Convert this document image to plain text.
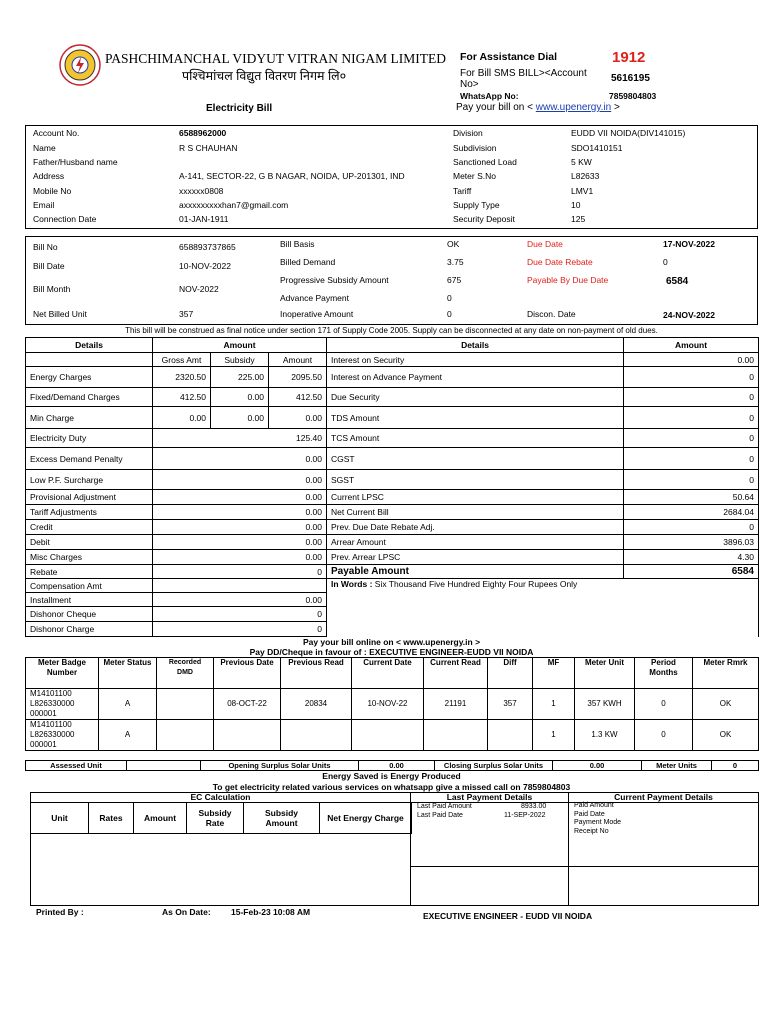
PASHCHIMANCHAL VIDYUT VITRAN NIGAM LIMITED
पश्चिमांचल विद्युत वितरण निगम लि०
Electricity Bill
For Assistance Dial	1912
For Bill SMS BILL><Account No>
5616195
WhatsApp No:	7859804803
Pay your bill on < www.upenergy.in >
Account No.	6588962000
Name	R S CHAUHAN
Father/Husband name
Address	A-141, SECTOR-22, G B NAGAR, NOIDA, UP-201301, IND
Mobile No	xxxxxx0808
Email	axxxxxxxxxhan7@gmail.com
Connection Date	01-JAN-1911
Division	EUDD VII NOIDA(DIV141015)
Subdivision	SDO1410151
Sanctioned Load	5 KW
Meter S.No	L82633
Tariff	LMV1
Supply Type	10
Security Deposit	125
Bill No	658893737865
Bill Date	10-NOV-2022
Bill Month	NOV-2022
Net Billed Unit	357
Bill Basis	OK
Billed Demand	3.75
Progressive Subsidy Amount	675
Advance Payment	0
Inoperative Amount	0
Due Date	17-NOV-2022
Due Date Rebate	0
Payable By Due Date	6584
Discon. Date	24-NOV-2022
This bill will be construed as final notice under section 171 of Supply Code 2005. Supply can be disconnected at any date on non-payment of old dues.
Details	Amount			Details	Amount
	Gross Amt	Subsidy	Amount	Interest on Security	0.00
Energy Charges	2320.50	225.00	2095.50	Interest on Advance Payment	0
Fixed/Demand Charges	412.50	0.00	412.50	Due Security	0
Min Charge	0.00	0.00	0.00	TDS Amount	0
Electricity Duty	125.40			TCS Amount	0
Excess Demand Penalty	0.00			CGST	0
Low P.F. Surcharge	0.00			SGST	0
Provisional Adjustment	0.00			Current LPSC	50.64
Tariff Adjustments	0.00			Net Current Bill	2684.04
Credit	0.00			Prev. Due Date Rebate Adj.	0
Debit	0.00			Arrear Amount	3896.03
Misc Charges	0.00			Prev. Arrear LPSC	4.30
Rebate	0			Payable Amount	6584
Compensation Amt				In Words : Six Thousand Five Hundred Eighty Four Rupees Only	
Installment	0.00				
Dishonor Cheque	0				
Dishonor Charge	0				
Pay your bill online on < www.upenergy.in >
Pay DD/Cheque in favour of : EXECUTIVE ENGINEER-EUDD VII NOIDA
Meter Badge Number	Meter Status	Recorded DMD	Previous Date	Previous Read	Current Date	Current Read	Diff	MF	Meter Unit	Period Months	Meter Rmrk
M14101100 L826330000 000001	A		08-OCT-22	20834	10-NOV-22	21191	357	1	357 KWH	0	OK
M14101100 L826330000 000001	A							1	1.3 KW	0	OK
Assessed Unit		Opening Surplus Solar Units	0.00	Closing Surplus Solar Units	0.00	Meter Units	0
Energy Saved is Energy Produced
To get electricity related various services on whatsapp give a missed call on 7859804803
EC Calculation	Last Payment Details	Current Payment Details
Unit	Rates	Amount	Subsidy Rate	Subsidy Amount	Net Energy Charge
Last Paid Amount	8933.00
Last Paid Date	11-SEP-2022
Paid Amount
Paid Date
Payment Mode
Receipt No
Printed By :	As On Date: 15-Feb-23 10:08 AM	EXECUTIVE ENGINEER - EUDD VII NOIDA
